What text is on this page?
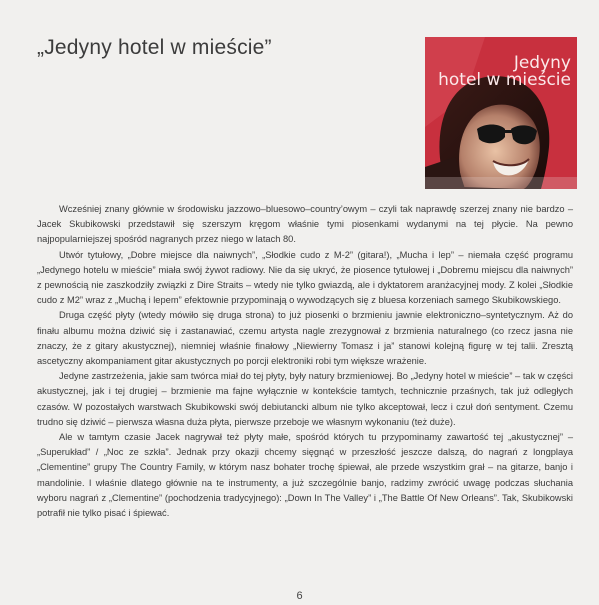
„Jedyny hotel w mieście”
Jedyny
hotel w mieście

Wcześniej znany głównie w środowisku jazzowo–bluesowo–country’owym – czyli tak naprawdę szerzej znany nie bardzo – Jacek Skubikowski przedstawił się szerszym kręgom właśnie tymi piosenkami wydanymi na tej płycie. Na pewno najpopularniejszej spośród nagranych przez niego w latach 80.

Utwór tytułowy, „Dobre miejsce dla naiwnych”, „Słodkie cudo z M-2” (gitara!), „Mucha i lep” – niemała część programu „Jedynego hotelu w mieście” miała swój żywot radiowy. Nie da się ukryć, że piosence tytułowej i „Dobremu miejscu dla naiwnych” z pewnością nie zaszkodziły związki z Dire Straits – wtedy nie tylko gwiazdą, ale i dyktatorem aranżacyjnej mody. Z kolei „Słodkie cudo z M2” wraz z „Muchą i lepem” efektownie przypominają o wywodzących się z bluesa korzeniach samego Skubikowskiego.

Druga część płyty (wtedy mówiło się druga strona) to już piosenki o brzmieniu jawnie elektroniczno–syntetycznym. Aż do finału albumu można dziwić się i zastanawiać, czemu artysta nagle zrezygnował z brzmienia naturalnego (co rzecz jasna nie znaczy, że z gitary akustycznej), niemniej właśnie finałowy „Niewierny Tomasz i ja” stanowi kolejną figurę w tej talii. Zresztą ascetyczny akompaniament gitar akustycznych po porcji elektroniki robi tym większe wrażenie.

Jedyne zastrzeżenia, jakie sam twórca miał do tej płyty, były natury brzmieniowej. Bo „Jedyny hotel w mieście” – tak w części akustycznej, jak i tej drugiej – brzmienie ma fajne wyłącznie w kontekście tamtych, technicznie przaśnych, tak już odległych czasów. W pozostałych warstwach Skubikowski swój debiutancki album nie tylko akceptował, lecz i czuł doń sentyment. Czemu trudno się dziwić – pierwsza własna duża płyta, pierwsze przeboje we własnym wykonaniu (też duże).

Ale w tamtym czasie Jacek nagrywał też płyty małe, spośród których tu przypominamy zawartość tej „akustycznej” – „Superukład” / „Noc ze szkła”. Jednak przy okazji chcemy sięgnąć w przeszłość jeszcze dalszą, do nagrań z longplaya „Clementine” grupy The Country Family, w którym nasz bohater trochę śpiewał, ale przede wszystkim grał – na gitarze, banjo i mandolinie. I właśnie dlatego głównie na te instrumenty, a już szczególnie banjo, radzimy zwrócić uwagę podczas słuchania wyboru nagrań z „Clementine” (pochodzenia tradycyjnego): „Down In The Valley” i „The Battle Of New Orleans”. Tak, Skubikowski potrafił nie tylko pisać i śpiewać.

6
